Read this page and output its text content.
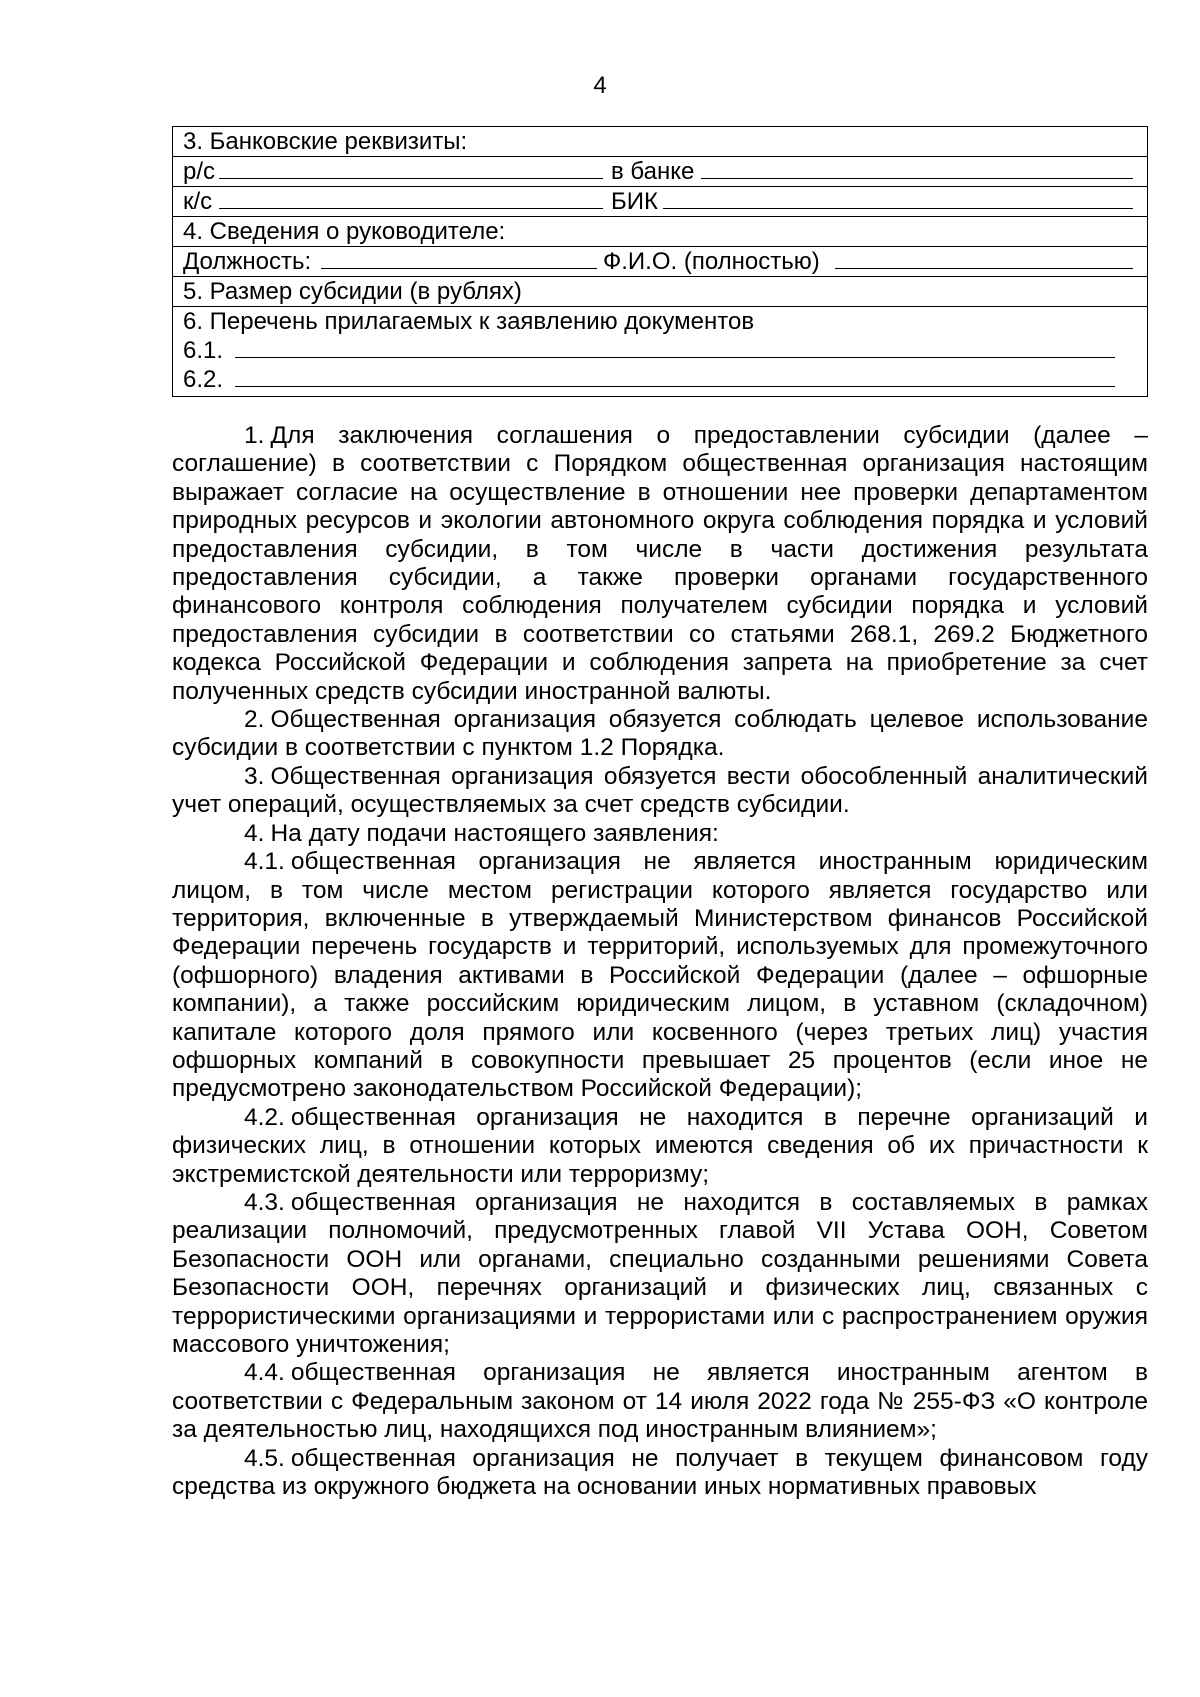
4
3. Банковские реквизиты:
р/с	в банке
к/с	БИК
4. Сведения о руководителе:
Должность:	Ф.И.О. (полностью)
5. Размер субсидии (в рублях)
6. Перечень прилагаемых к заявлению документов
6.1.
6.2.

1. Для заключения соглашения о предоставлении субсидии (далее – соглашение) в соответствии с Порядком общественная организация настоящим выражает согласие на осуществление в отношении нее проверки департаментом природных ресурсов и экологии автономного округа соблюдения порядка и условий предоставления субсидии, в том числе в части достижения результата предоставления субсидии, а также проверки органами государственного финансового контроля соблюдения получателем субсидии порядка и условий предоставления субсидии в соответствии со статьями 268.1, 269.2 Бюджетного кодекса Российской Федерации и соблюдения запрета на приобретение за счет полученных средств субсидии иностранной валюты.

2. Общественная организация обязуется соблюдать целевое использование субсидии в соответствии с пунктом 1.2 Порядка.

3. Общественная организация обязуется вести обособленный аналитический учет операций, осуществляемых за счет средств субсидии.

4. На дату подачи настоящего заявления:

4.1. общественная организация не является иностранным юридическим лицом, в том числе местом регистрации которого является государство или территория, включенные в утверждаемый Министерством финансов Российской Федерации перечень государств и территорий, используемых для промежуточного (офшорного) владения активами в Российской Федерации (далее – офшорные компании), а также российским юридическим лицом, в уставном (складочном) капитале которого доля прямого или косвенного (через третьих лиц) участия офшорных компаний в совокупности превышает 25 процентов (если иное не предусмотрено законодательством Российской Федерации);

4.2. общественная организация не находится в перечне организаций и физических лиц, в отношении которых имеются сведения об их причастности к экстремистской деятельности или терроризму;

4.3. общественная организация не находится в составляемых в рамках реализации полномочий, предусмотренных главой VII Устава ООН, Советом Безопасности ООН или органами, специально созданными решениями Совета Безопасности ООН, перечнях организаций и физических лиц, связанных с террористическими организациями и террористами или с распространением оружия массового уничтожения;

4.4. общественная организация не является иностранным агентом в соответствии с Федеральным законом от 14 июля 2022 года № 255-ФЗ «О контроле за деятельностью лиц, находящихся под иностранным влиянием»;

4.5. общественная организация не получает в текущем финансовом году средства из окружного бюджета на основании иных нормативных правовых
